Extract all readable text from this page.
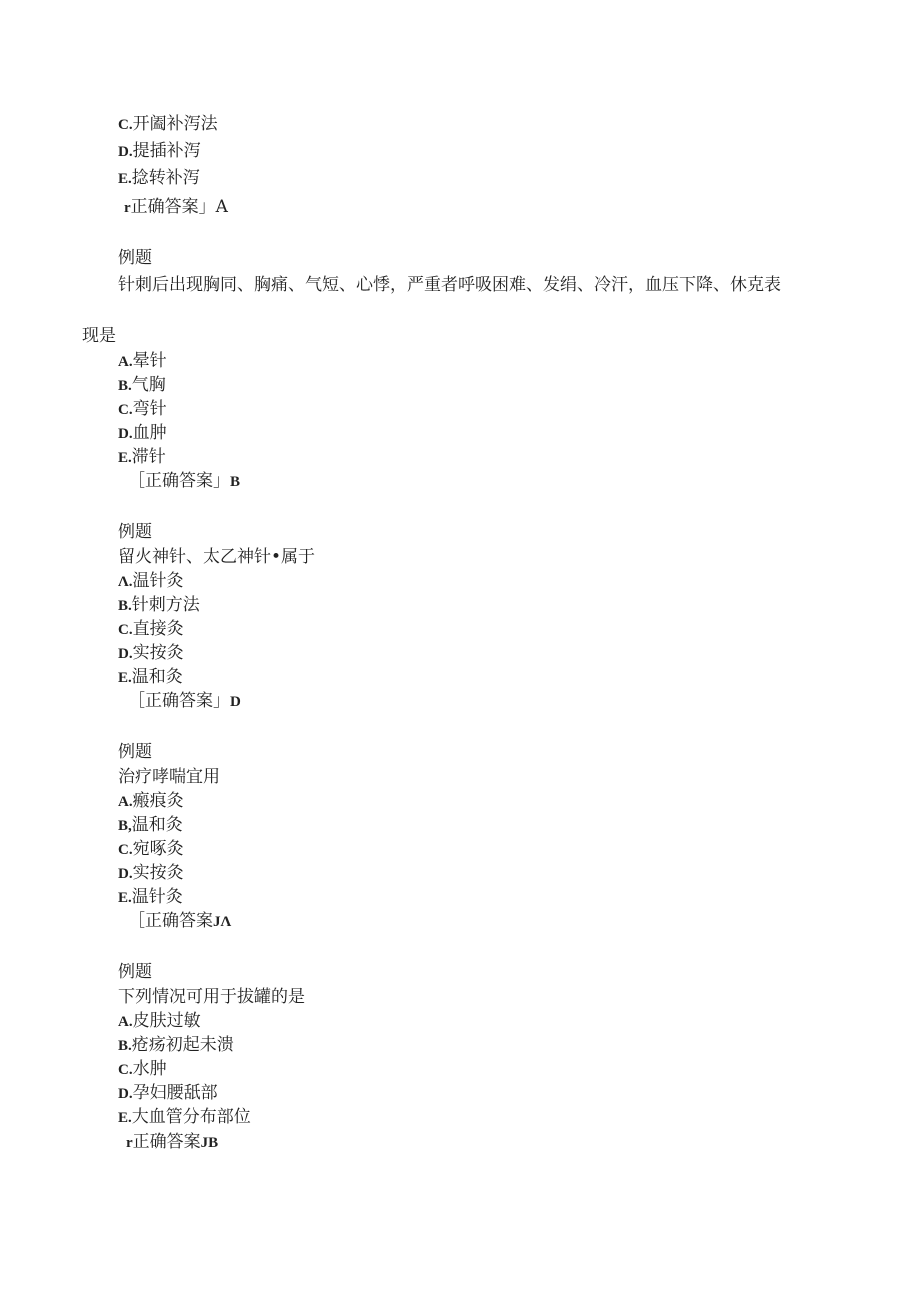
C.开阖补泻法
D.提插补泻
E.捻转补泻
r正确答案」A
例题
针刺后出现胸同、胸痛、气短、心悸，严重者呼吸困难、发绢、冷汗，血压下降、休克表
现是
A.晕针
B.气胸
C.弯针
D.血肿
E.滞针
［正确答案」B
例题
留火神针、太乙神针•属于
Λ.温针灸
B.针刺方法
C.直接灸
D.实按灸
E.温和灸
［正确答案」D
例题
治疗哮喘宜用
A.瘢痕灸
B,温和灸
C.宛啄灸
D.实按灸
E.温针灸
［正确答案JΛ
例题
下列情况可用于拔罐的是
A.皮肤过敏
B.疮疡初起未溃
C.水肿
D.孕妇腰舐部
E.大血管分布部位
r正确答案JB
